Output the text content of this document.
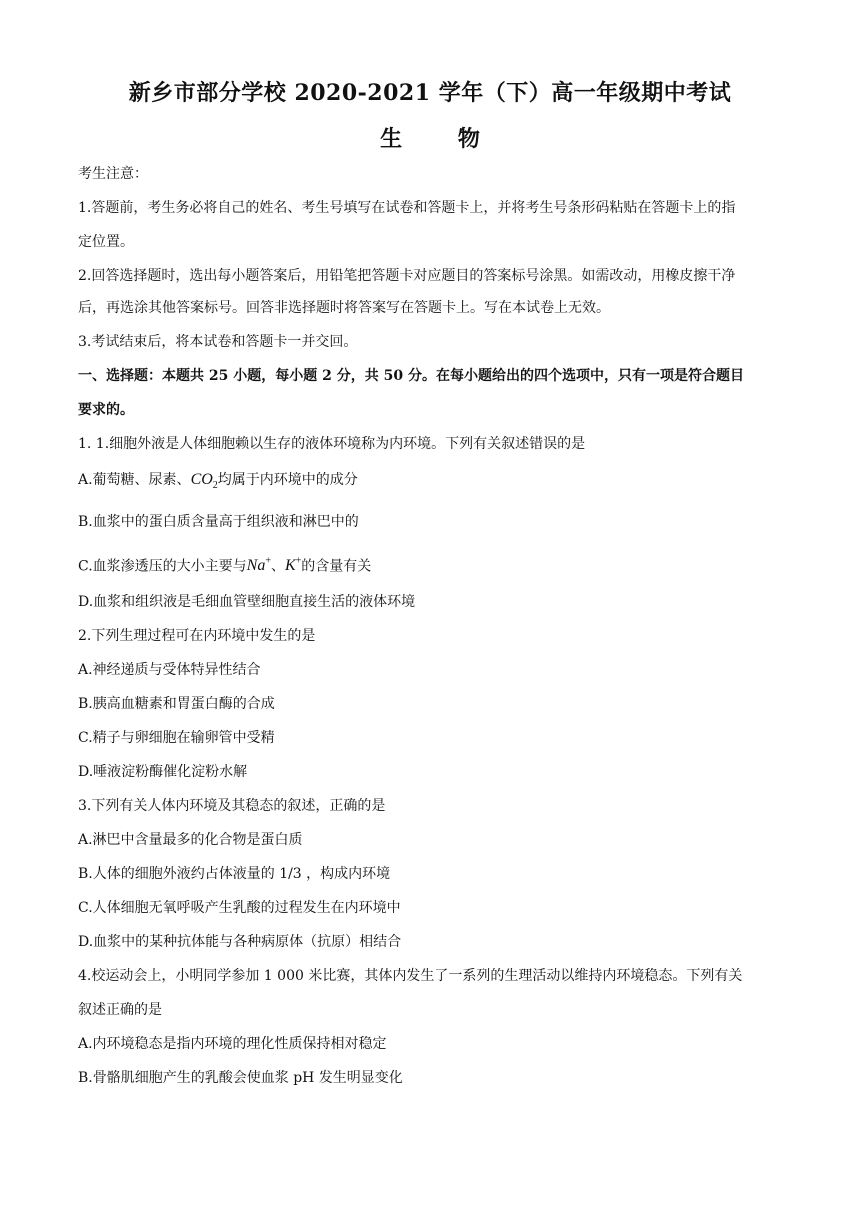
新乡市部分学校 2020-2021 学年（下）高一年级期中考试
生 物
考生注意：
1.答题前，考生务必将自己的姓名、考生号填写在试卷和答题卡上，并将考生号条形码粘贴在答题卡上的指
定位置。
2.回答选择题时，选出每小题答案后，用铅笔把答题卡对应题目的答案标号涂黑。如需改动，用橡皮擦干净
后，再选涂其他答案标号。回答非选择题时将答案写在答题卡上。写在本试卷上无效。
3.考试结束后，将本试卷和答题卡一并交回。
一、选择题：本题共 25 小题，每小题 2 分，共 50 分。在每小题给出的四个选项中，只有一项是符合题目
要求的。
1. 1.细胞外液是人体细胞赖以生存的液体环境称为内环境。下列有关叙述错误的是
A.葡萄糖、尿素、$CO_2$均属于内环境中的成分
B.血浆中的蛋白质含量高于组织液和淋巴中的
C.血浆渗透压的大小主要与Na+、K+的含量有关
D.血浆和组织液是毛细血管壁细胞直接生活的液体环境
2.下列生理过程可在内环境中发生的是
A.神经递质与受体特异性结合
B.胰高血糖素和胃蛋白酶的合成
C.精子与卵细胞在输卵管中受精
D.唾液淀粉酶催化淀粉水解
3.下列有关人体内环境及其稳态的叙述，正确的是
A.淋巴中含量最多的化合物是蛋白质
B.人体的细胞外液约占体液量的 1/3 ，构成内环境
C.人体细胞无氧呼吸产生乳酸的过程发生在内环境中
D.血浆中的某种抗体能与各种病原体（抗原）相结合
4.校运动会上，小明同学参加 1 000 米比赛，其体内发生了一系列的生理活动以维持内环境稳态。下列有关
叙述正确的是
A.内环境稳态是指内环境的理化性质保持相对稳定
B.骨骼肌细胞产生的乳酸会使血浆 pH 发生明显变化
